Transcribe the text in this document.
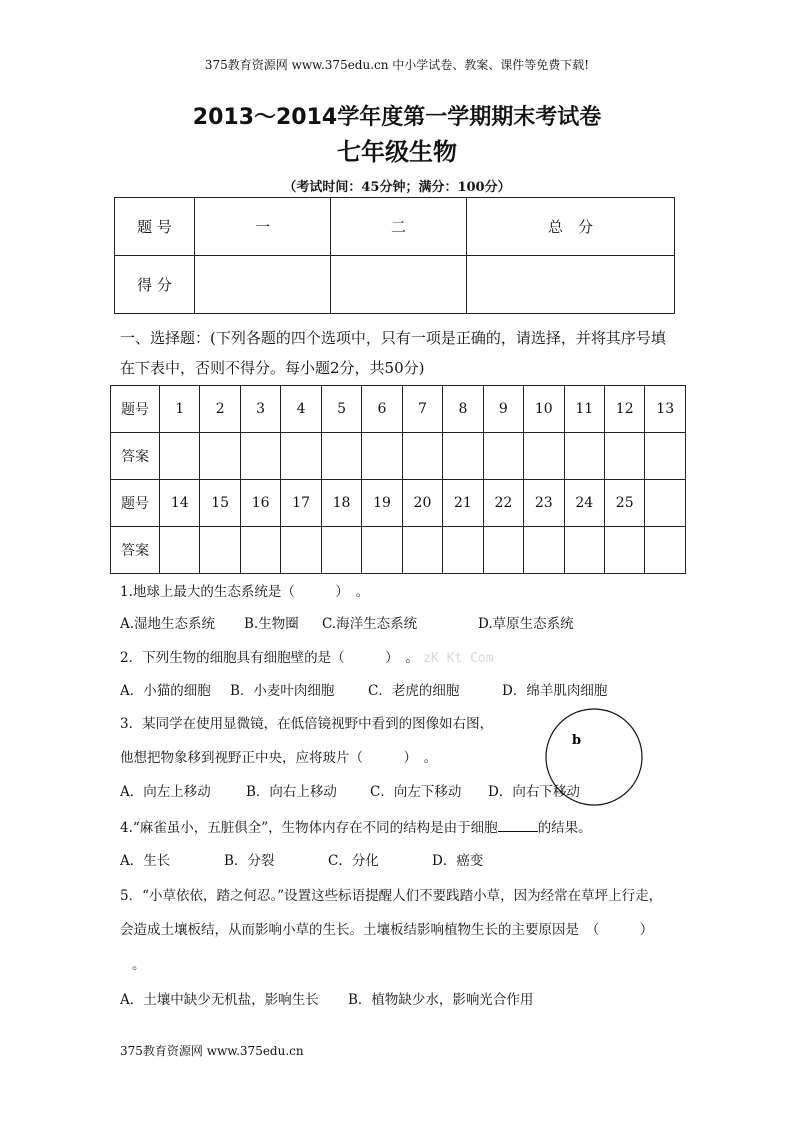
375教育资源网 www.375edu.cn 中小学试卷、教案、课件等免费下载!
2013～2014学年度第一学期期末考试卷
七年级生物
（考试时间：45分钟；满分：100分）
题 号	一	二	总　分
得 分			
一、选择题：(下列各题的四个选项中，只有一项是正确的，请选择，并将其序号填在下表中，否则不得分。每小题2分，共50分)
题号	1	2	3	4	5	6	7	8	9	10	11	12	13
答案													
题号	14	15	16	17	18	19	20	21	22	23	24	25	
答案													
1.地球上最大的生态系统是（　　　）　。
A.湿地生态系统 B.生物圈 C.海洋生态系统	D.草原生态系统
2．下列生物的细胞具有细胞壁的是（　　　）　。 zK Kt Com
A．小猫的细胞 B．小麦叶肉细胞 C．老虎的细胞	D．绵羊肌肉细胞
3．某同学在使用显微镜，在低倍镜视野中看到的图像如右图，
他想把物象移到视野正中央，应将玻片（　　　）　。
b
A．向左上移动	B．向右上移动 C．向左下移动 D．向右下移动
4.“麻雀虽小，五脏俱全”，生物体内存在不同的结构是由于细胞	的结果。
A．生长	B．分裂	C．分化	D．癌变
5．“小草依依，踏之何忍。”设置这些标语提醒人们不要践踏小草，因为经常在草坪上行走，
会造成土壤板结，从而影响小草的生长。土壤板结影响植物生长的主要原因是　（　　　）
。
A．土壤中缺少无机盐，影响生长 B．植物缺少水，影响光合作用
375教育资源网 www.375edu.cn
